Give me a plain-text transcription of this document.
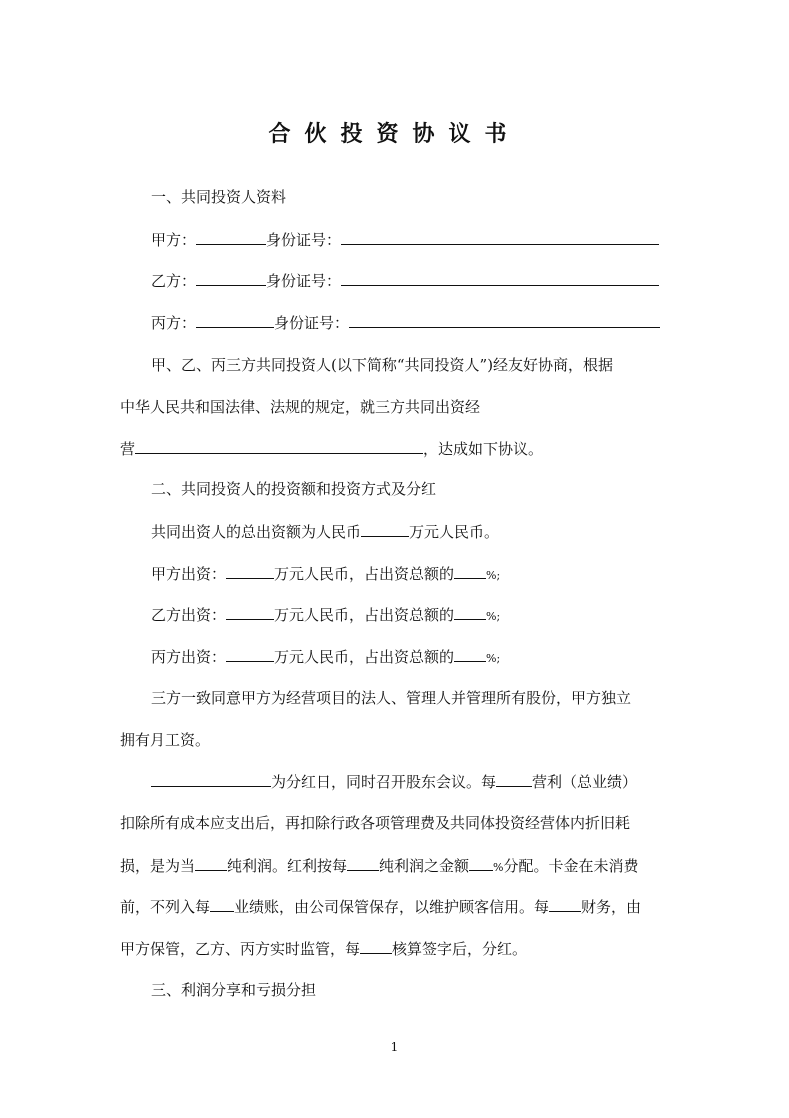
合伙投资协议书
一、共同投资人资料
甲方：	身份证号：
乙方：	身份证号：
丙方：	身份证号：
甲、乙、丙三方共同投资人(以下简称“共同投资人”)经友好协商，根据
中华人民共和国法律、法规的规定，就三方共同出资经
营	，达成如下协议。
二、共同投资人的投资额和投资方式及分红
共同出资人的总出资额为人民币	万元人民币。
甲方出资：	万元人民币，占出资总额的	%;
乙方出资：	万元人民币，占出资总额的	%;
丙方出资：	万元人民币，占出资总额的	%;
三方一致同意甲方为经营项目的法人、管理人并管理所有股份，甲方独立
拥有月工资。
为分红日，同时召开股东会议。每 营利（总业绩）
扣除所有成本应支出后，再扣除行政各项管理费及共同体投资经营体内折旧耗
损，是为当 纯利润。红利按每 纯利润之金额 %分配。卡金在未消费
前，不列入每 业绩账，由公司保管保存，以维护顾客信用。每 财务，由
甲方保管，乙方、丙方实时监管，每 核算签字后，分红。
三、利润分享和亏损分担
1
